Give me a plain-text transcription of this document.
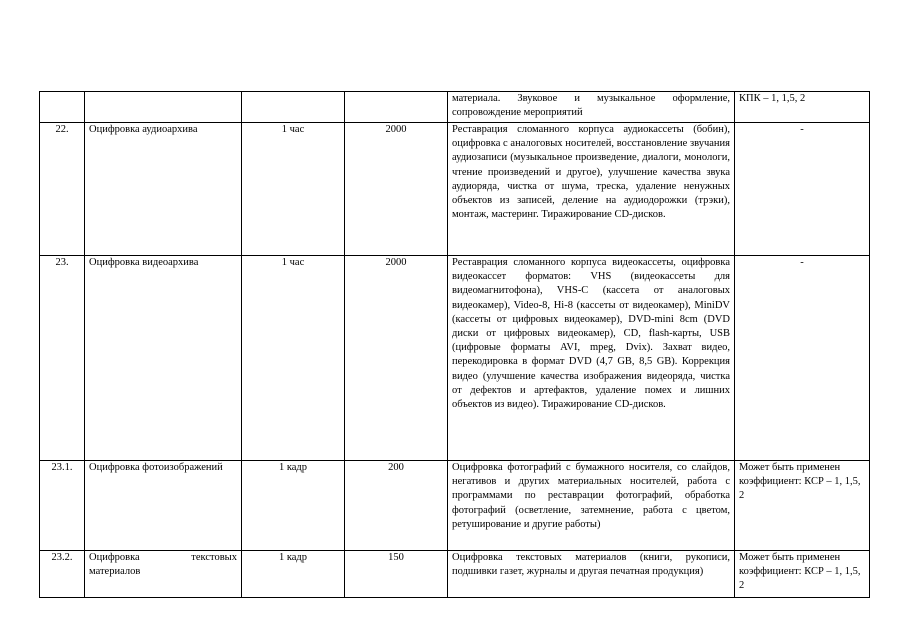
				материала. Звуковое и музыкальное оформление, сопровождение мероприятий	КПК – 1, 1,5, 2
22.	Оцифровка аудиоархива	1 час	2000	Реставрация сломанного корпуса аудиокассеты (бобин), оцифровка с аналоговых носителей, восстановление звучания аудиозаписи (музыкальное произведение, диалоги, монологи, чтение произведений и другое), улучшение качества звука аудиоряда, чистка от шума, треска, удаление ненужных объектов из записей, деление на аудиодорожки (трэки), монтаж, мастеринг. Тиражирование CD-дисков.	-
23.	Оцифровка видеоархива	1 час	2000	Реставрация сломанного корпуса видеокассеты, оцифровка видеокассет форматов: VHS (видеокассеты для видеомагнитофона), VHS-C (кассета от аналоговых видеокамер), Video-8, Hi-8 (кассеты от видеокамер), MiniDV (кассеты от цифровых видеокамер), DVD-mini 8cm (DVD диски от цифровых видеокамер), CD, flash-карты, USB (цифровые форматы AVI, mpeg, Dvix). Захват видео, перекодировка в формат DVD (4,7 GB, 8,5 GB). Коррекция видео (улучшение качества изображения видеоряда, чистка от дефектов и артефактов, удаление помех и лишних объектов из видео). Тиражирование CD-дисков.	-
23.1.	Оцифровка фотоизображений	1 кадр	200	Оцифровка фотографий с бумажного носителя, со слайдов, негативов и других материальных носителей, работа с программами по реставрации фотографий, обработка фотографий (осветление, затемнение, работа с цветом, ретуширование и другие работы)	Может быть применен коэффициент: КСР – 1, 1,5, 2
23.2.	Оцифровка текстовых материалов	1 кадр	150	Оцифровка текстовых материалов (книги, рукописи, подшивки газет, журналы и другая печатная продукция)	Может быть применен коэффициент: КСР – 1, 1,5, 2
